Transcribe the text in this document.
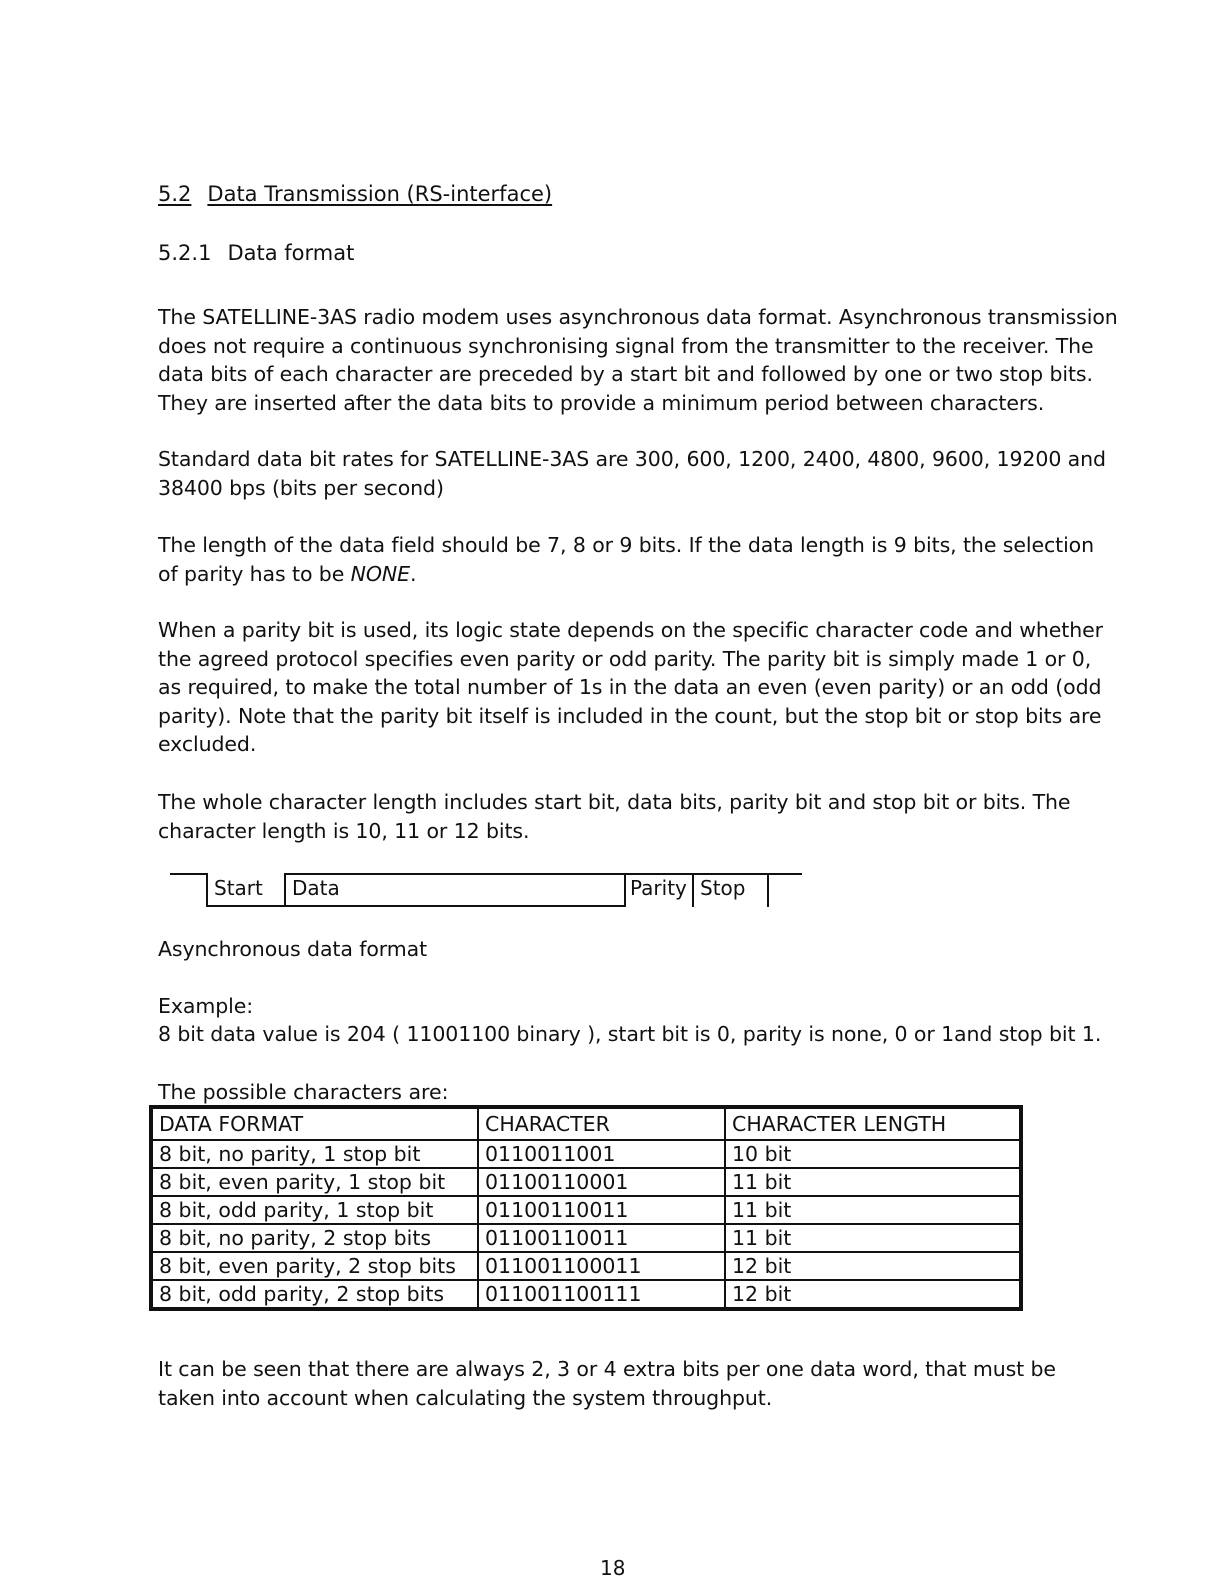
5.2 Data Transmission (RS-interface)
5.2.1 Data format
The SATELLINE-3AS radio modem uses asynchronous data format. Asynchronous transmission does not require a continuous synchronising signal from the transmitter to the receiver. The data bits of each character are preceded by a start bit and followed by one or two stop bits. They are inserted after the data bits to provide a minimum period between characters.
Standard data bit rates for SATELLINE-3AS are 300, 600, 1200, 2400, 4800, 9600, 19200 and 38400 bps (bits per second)
The length of the data field should be 7, 8 or 9 bits. If the data length is 9 bits, the selection of parity has to be NONE.
When a parity bit is used, its logic state depends on the specific character code and whether the agreed protocol specifies even parity or odd parity. The parity bit is simply made 1 or 0, as required, to make the total number of 1s in the data an even (even parity) or an odd (odd parity). Note that the parity bit itself is included in the count, but the stop bit or stop bits are excluded.
The whole character length includes start bit, data bits, parity bit and stop bit or bits. The character length is 10, 11 or 12 bits.
Start Data	Parity Stop
Asynchronous data format
Example:
8 bit data value is 204 ( 11001100 binary ), start bit is 0, parity is none, 0 or 1and stop bit 1.
The possible characters are:
DATA FORMAT	CHARACTER	CHARACTER LENGTH
8 bit, no parity, 1 stop bit	0110011001	10 bit
8 bit, even parity, 1 stop bit	01100110001	11 bit
8 bit, odd parity, 1 stop bit	01100110011	11 bit
8 bit, no parity, 2 stop bits	01100110011	11 bit
8 bit, even parity, 2 stop bits	011001100011	12 bit
8 bit, odd parity, 2 stop bits	011001100111	12 bit
It can be seen that there are always 2, 3 or 4 extra bits per one data word, that must be taken into account when calculating the system throughput.
18
